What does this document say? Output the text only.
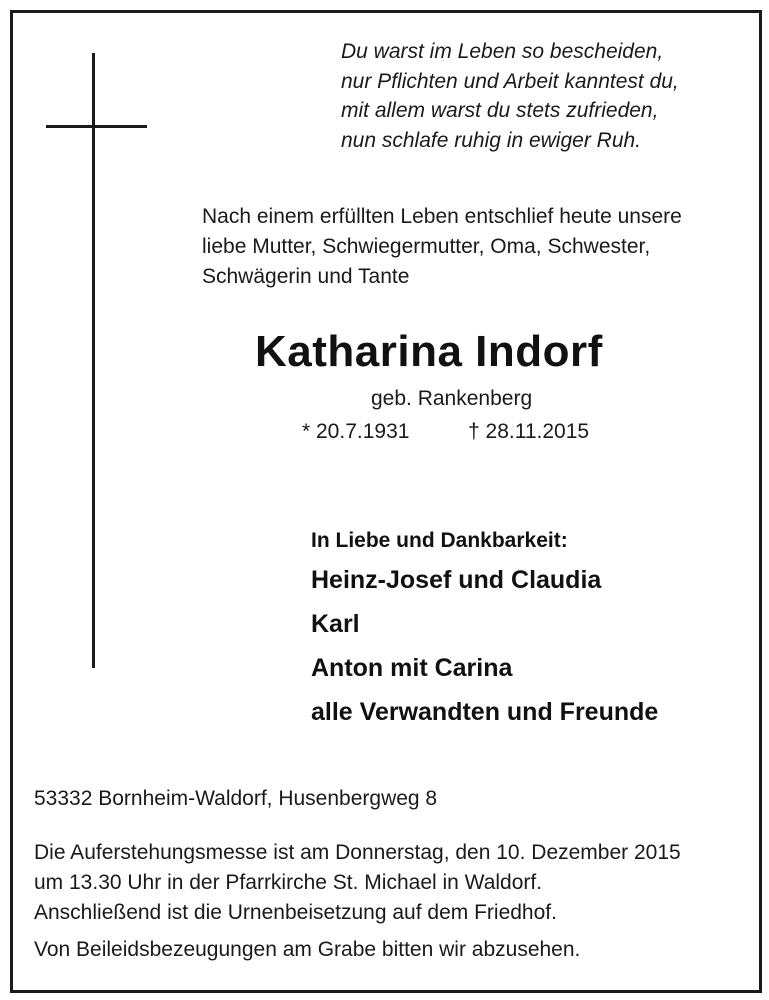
Du warst im Leben so bescheiden,
nur Pflichten und Arbeit kanntest du,
mit allem warst du stets zufrieden,
nun schlafe ruhig in ewiger Ruh.
Nach einem erfüllten Leben entschlief heute unsere
liebe Mutter, Schwiegermutter, Oma, Schwester,
Schwägerin und Tante
Katharina Indorf
geb. Rankenberg
* 20.7.1931	† 28.11.2015
In Liebe und Dankbarkeit:
Heinz-Josef und Claudia
Karl
Anton mit Carina
alle Verwandten und Freunde
53332 Bornheim-Waldorf, Husenbergweg 8
Die Auferstehungsmesse ist am Donnerstag, den 10. Dezember 2015
um 13.30 Uhr in der Pfarrkirche St. Michael in Waldorf.
Anschließend ist die Urnenbeisetzung auf dem Friedhof.
Von Beileidsbezeugungen am Grabe bitten wir abzusehen.
